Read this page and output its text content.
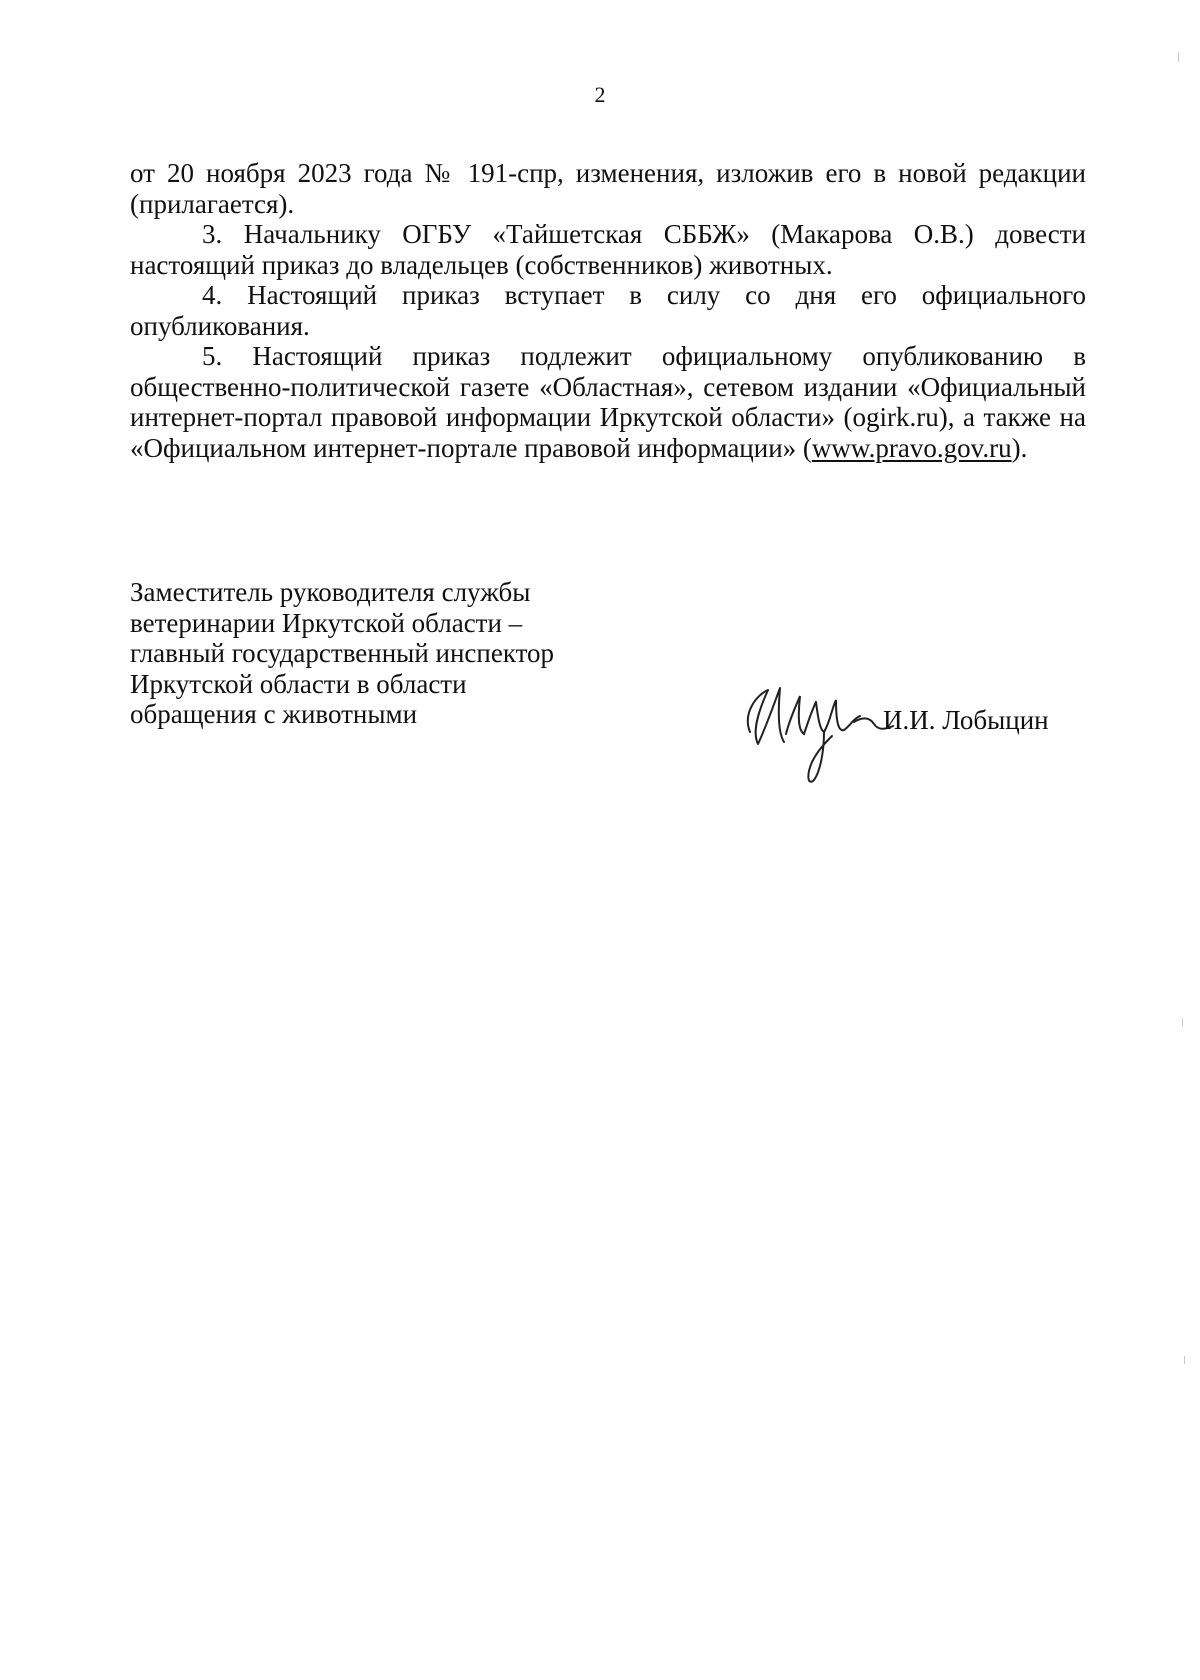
2

от 20 ноября 2023 года № 191-спр, изменения, изложив его в новой редакции (прилагается).

3. Начальнику ОГБУ «Тайшетская СББЖ» (Макарова О.В.) довести настоящий приказ до владельцев (собственников) животных.

4. Настоящий приказ вступает в силу со дня его официального опубликования.

5. Настоящий приказ подлежит официальному опубликованию в общественно-политической газете «Областная», сетевом издании «Официальный интернет-портал правовой информации Иркутской области» (ogirk.ru), а также на «Официальном интернет-портале правовой информации» (www.pravo.gov.ru).

Заместитель руководителя службы
ветеринарии Иркутской области –
главный государственный инспектор
Иркутской области в области
обращения с животными	И.И. Лобыцин
